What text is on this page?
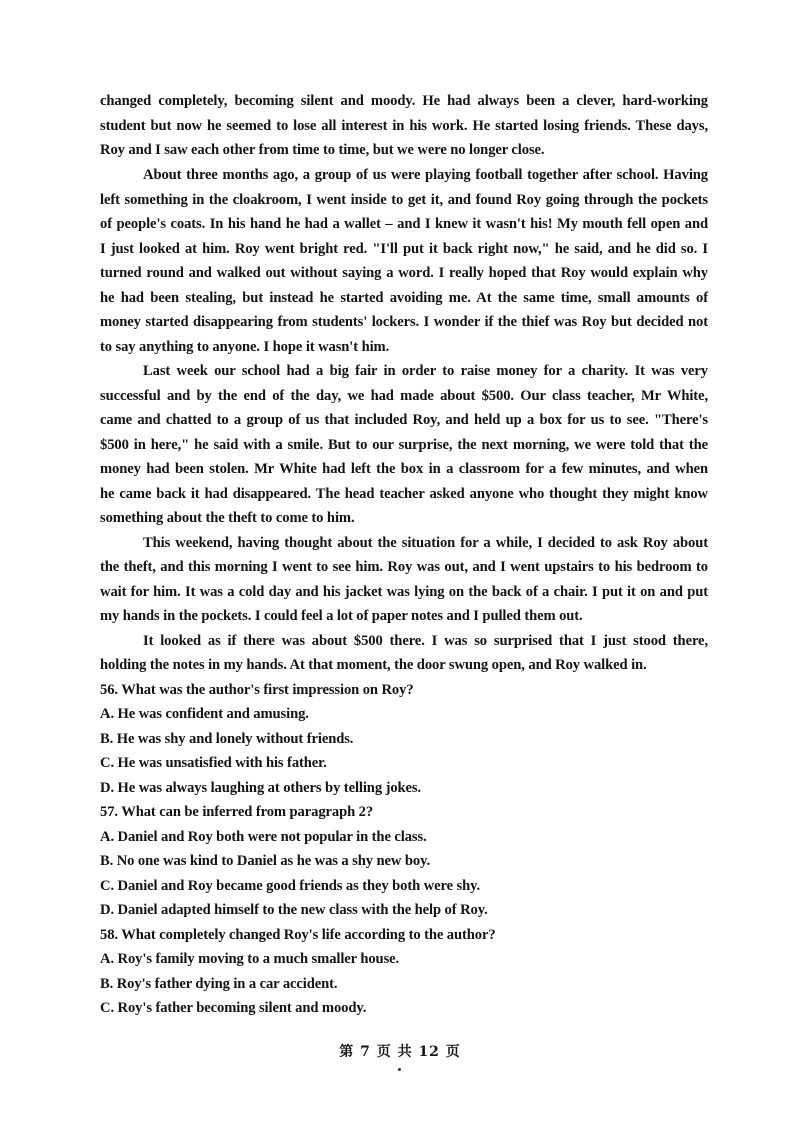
changed completely, becoming silent and moody. He had always been a clever, hard-working
student but now he seemed to lose all interest in his work. He started losing friends. These days,
Roy and I saw each other from time to time, but we were no longer close.
About three months ago, a group of us were playing football together after school. Having
left something in the cloakroom, I went inside to get it, and found Roy going through the pockets
of people's coats. In his hand he had a wallet – and I knew it wasn't his! My mouth fell open and
I just looked at him. Roy went bright red. "I'll put it back right now," he said, and he did so. I
turned round and walked out without saying a word. I really hoped that Roy would explain why
he had been stealing, but instead he started avoiding me. At the same time, small amounts of
money started disappearing from students' lockers. I wonder if the thief was Roy but decided not
to say anything to anyone. I hope it wasn't him.
Last week our school had a big fair in order to raise money for a charity. It was very
successful and by the end of the day, we had made about $500. Our class teacher, Mr White,
came and chatted to a group of us that included Roy, and held up a box for us to see. "There's
$500 in here," he said with a smile. But to our surprise, the next morning, we were told that the
money had been stolen. Mr White had left the box in a classroom for a few minutes, and when
he came back it had disappeared. The head teacher asked anyone who thought they might know
something about the theft to come to him.
This weekend, having thought about the situation for a while, I decided to ask Roy about
the theft, and this morning I went to see him. Roy was out, and I went upstairs to his bedroom to
wait for him. It was a cold day and his jacket was lying on the back of a chair. I put it on and put
my hands in the pockets. I could feel a lot of paper notes and I pulled them out.
It looked as if there was about $500 there. I was so surprised that I just stood there,
holding the notes in my hands. At that moment, the door swung open, and Roy walked in.
56. What was the author's first impression on Roy?
A. He was confident and amusing.
B. He was shy and lonely without friends.
C. He was unsatisfied with his father.
D. He was always laughing at others by telling jokes.
57. What can be inferred from paragraph 2?
A. Daniel and Roy both were not popular in the class.
B. No one was kind to Daniel as he was a shy new boy.
C. Daniel and Roy became good friends as they both were shy.
D. Daniel adapted himself to the new class with the help of Roy.
58. What completely changed Roy's life according to the author?
A. Roy's family moving to a much smaller house.
B. Roy's father dying in a car accident.
C. Roy's father becoming silent and moody.
第 7 页 共 12 页
